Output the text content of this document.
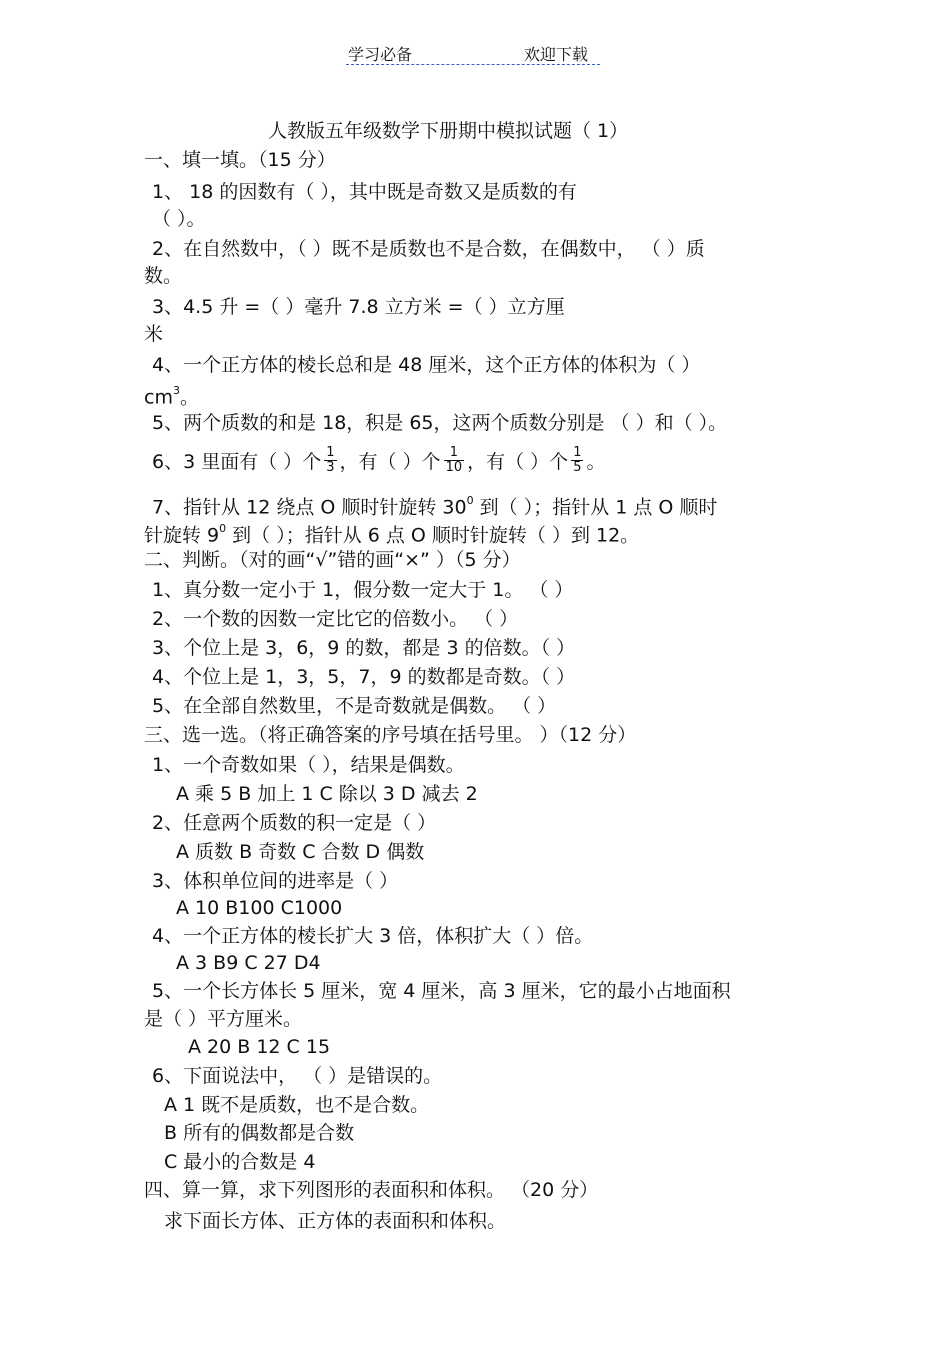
学习必备	欢迎下载
人教版五年级数学下册期中模拟试题（ 1）
一、填一填。（15 分）
1、 18 的因数有（ ），其中既是奇数又是质数的有
（ ）。
2、在自然数中，（ ）既不是质数也不是合数，在偶数中， （ ）质
数。
3、4.5 升 =（ ）毫升 7.8 立方米 =（ ）立方厘
米
4、一个正方体的棱长总和是 48 厘米，这个正方体的体积为（ ）
$cm^3$。
5、两个质数的和是 18，积是 65，这两个质数分别是 （ ）和（ ）。
6、3 里面有（ ）个 $\frac{1}{3}$ ，有（ ）个 $\frac{1}{10}$ ，有（ ）个 $\frac{1}{5}$ 。
7、指针从 12 绕点 O 顺时针旋转 $30^0$ 到（ ）；指针从 1 点 O 顺时
针旋转 $9^0$ 到（ ）；指针从 6 点 O 顺时针旋转（ ）到 12。
二、判断。（对的画“√”错的画“×” ）（5 分）
1、真分数一定小于 1，假分数一定大于 1。 （ ）
2、一个数的因数一定比它的倍数小。 （ ）
3、个位上是 3，6，9 的数，都是 3 的倍数。（ ）
4、个位上是 1，3，5，7，9 的数都是奇数。（ ）
5、在全部自然数里，不是奇数就是偶数。 （ ）
三、选一选。（将正确答案的序号填在括号里。 ）（12 分）
1、一个奇数如果（ ），结果是偶数。
A 乘 5 B 加上 1 C 除以 3 D 减去 2
2、任意两个质数的积一定是（ ）
A 质数 B 奇数 C 合数 D 偶数
3、体积单位间的进率是（ ）
A 10 B100 C1000
4、一个正方体的棱长扩大 3 倍，体积扩大（ ）倍。
A 3 B9 C 27 D4
5、一个长方体长 5 厘米，宽 4 厘米，高 3 厘米，它的最小占地面积
是（ ）平方厘米。
A 20 B 12 C 15
6、下面说法中， （ ）是错误的。
A 1 既不是质数，也不是合数。
B 所有的偶数都是合数
C 最小的合数是 4
四、算一算，求下列图形的表面积和体积。 （20 分）
求下面长方体、正方体的表面积和体积。
